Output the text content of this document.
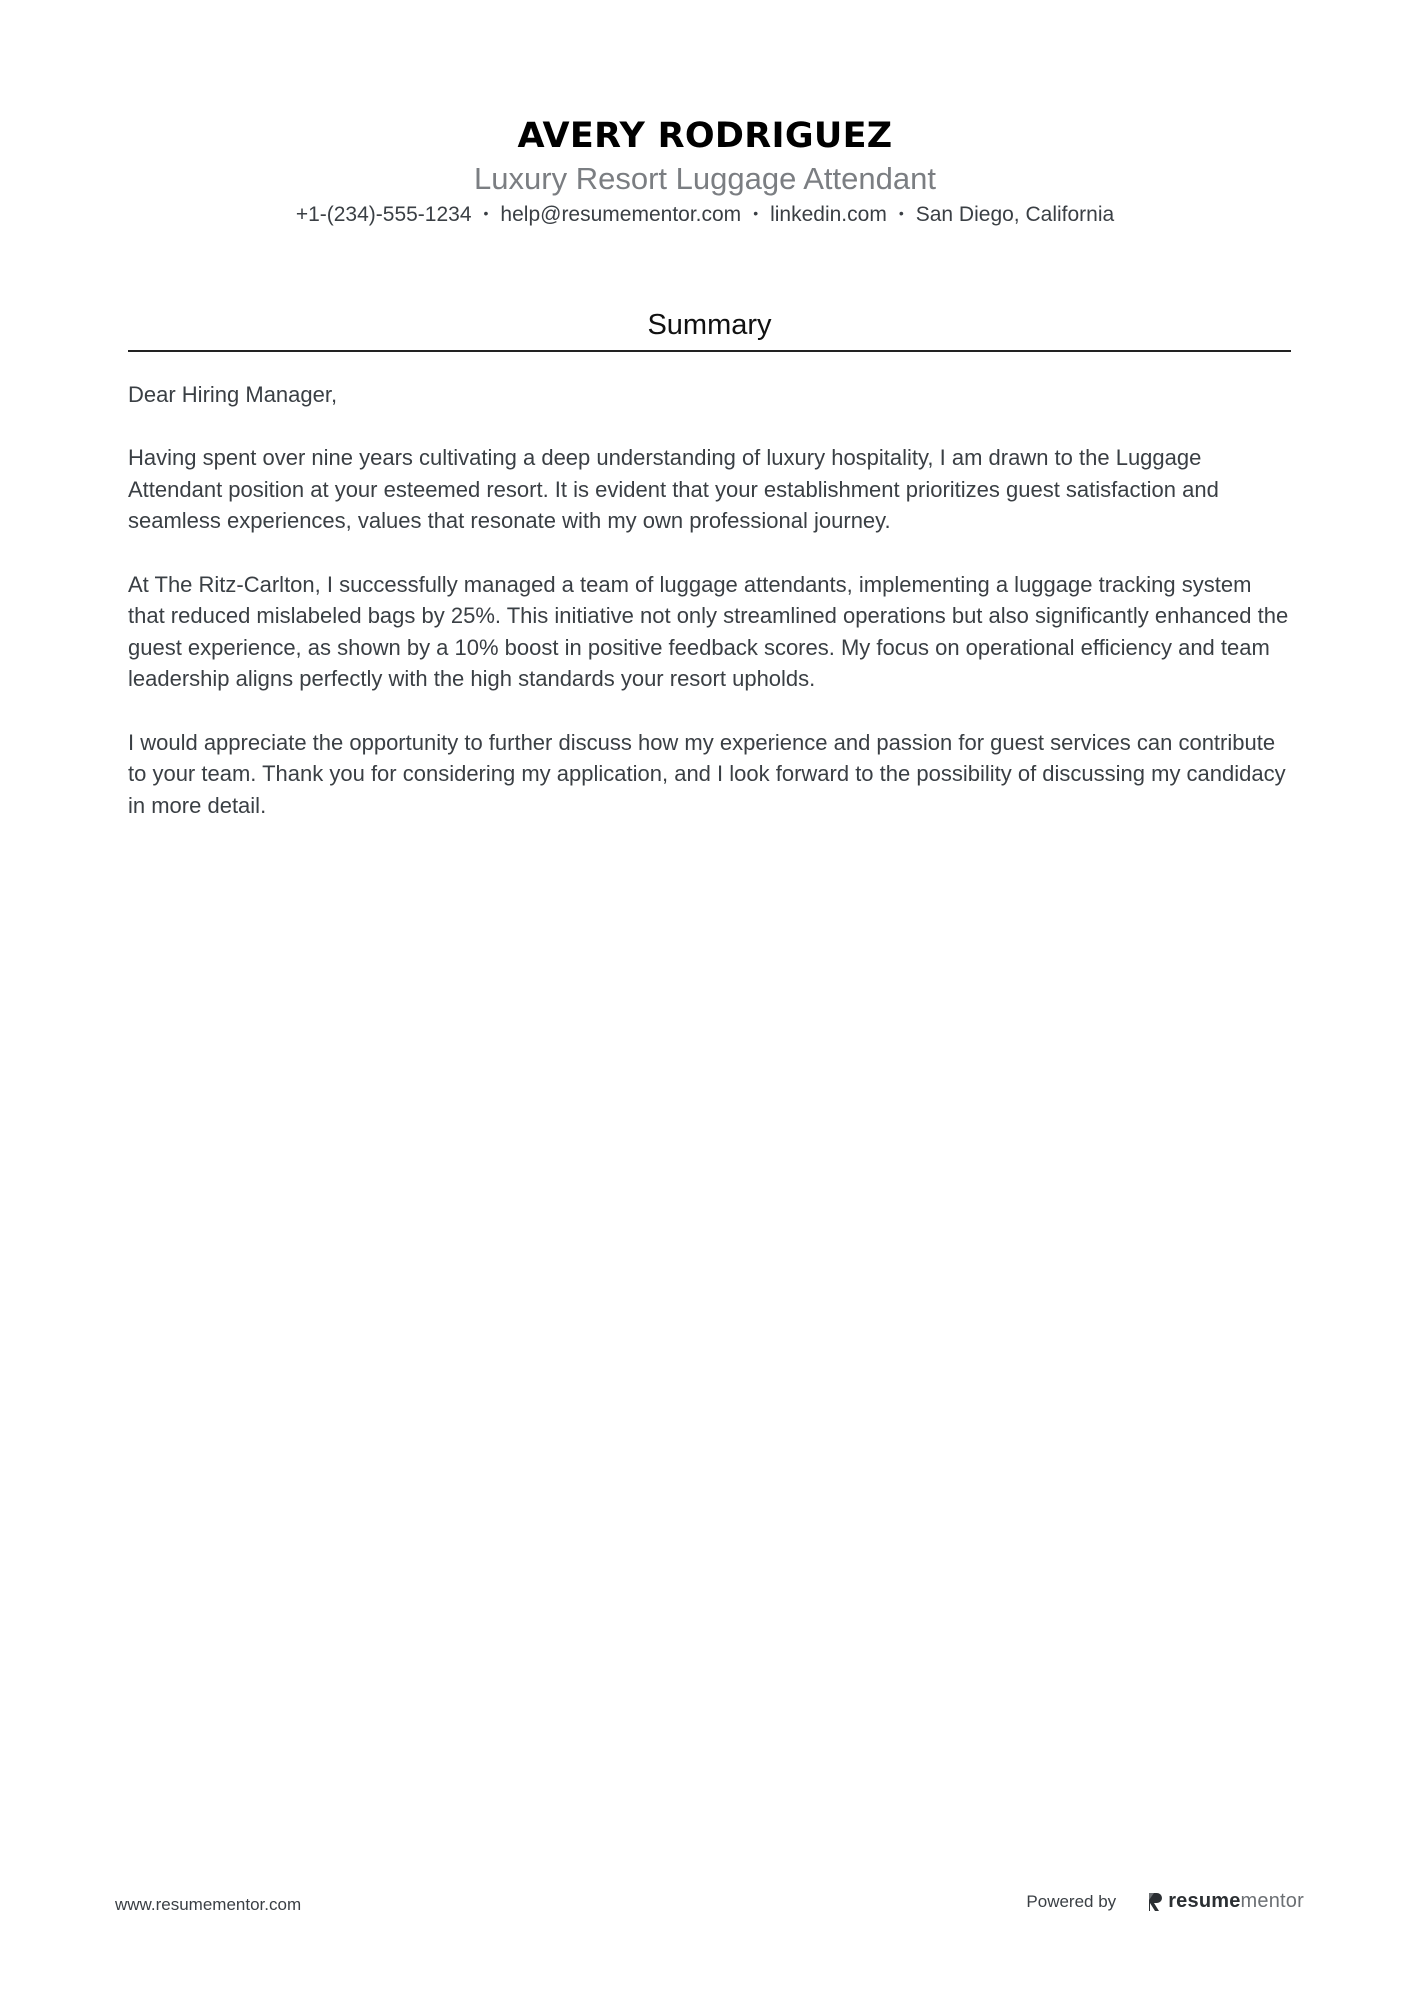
AVERY RODRIGUEZ
Luxury Resort Luggage Attendant
+1-(234)-555-1234 • help@resumementor.com • linkedin.com • San Diego, California
Summary

Dear Hiring Manager,

Having spent over nine years cultivating a deep understanding of luxury hospitality, I am drawn to the Luggage Attendant position at your esteemed resort. It is evident that your establishment prioritizes guest satisfaction and seamless experiences, values that resonate with my own professional journey.

At The Ritz-Carlton, I successfully managed a team of luggage attendants, implementing a luggage tracking system that reduced mislabeled bags by 25%. This initiative not only streamlined operations but also significantly enhanced the guest experience, as shown by a 10% boost in positive feedback scores. My focus on operational efficiency and team leadership aligns perfectly with the high standards your resort upholds.

I would appreciate the opportunity to further discuss how my experience and passion for guest services can contribute to your team. Thank you for considering my application, and I look forward to the possibility of discussing my candidacy in more detail.

www.resumementor.com	Powered by	resumementor
